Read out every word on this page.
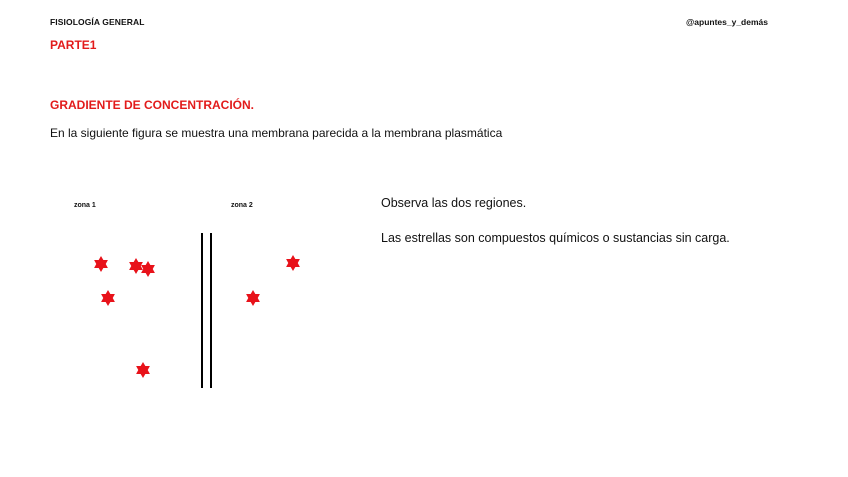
FISIOLOGÍA GENERAL	@apuntes_y_demás
PARTE1
GRADIENTE DE CONCENTRACIÓN.
En la siguiente figura se muestra una membrana parecida a la membrana plasmática
zona 1	zona 2	Observa las dos regiones.
Las estrellas son compuestos químicos o sustancias sin carga.
